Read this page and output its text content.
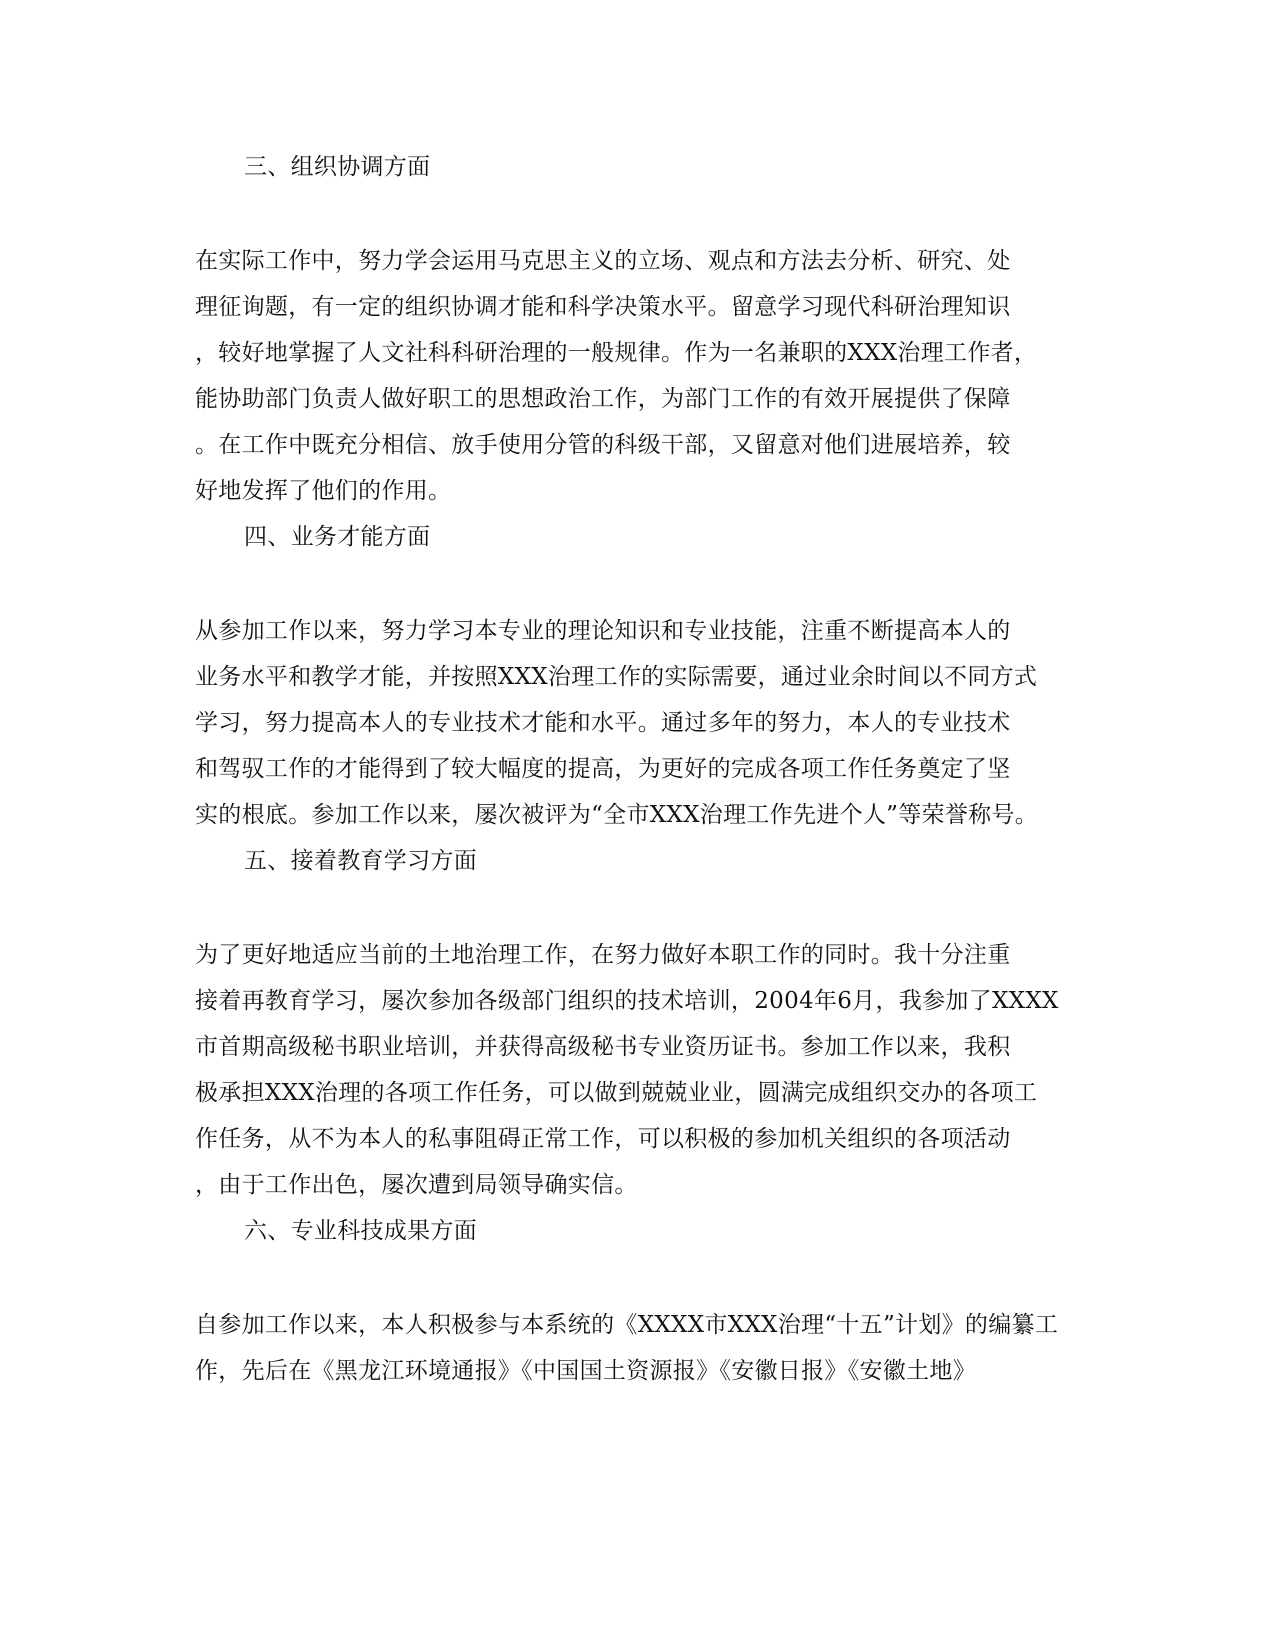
三、组织协调方面
在实际工作中，努力学会运用马克思主义的立场、观点和方法去分析、研究、处
理征询题，有一定的组织协调才能和科学决策水平。留意学习现代科研治理知识
，较好地掌握了人文社科科研治理的一般规律。作为一名兼职的XXX治理工作者，
能协助部门负责人做好职工的思想政治工作，为部门工作的有效开展提供了保障
。在工作中既充分相信、放手使用分管的科级干部，又留意对他们进展培养，较
好地发挥了他们的作用。
四、业务才能方面
从参加工作以来，努力学习本专业的理论知识和专业技能，注重不断提高本人的
业务水平和教学才能，并按照XXX治理工作的实际需要，通过业余时间以不同方式
学习，努力提高本人的专业技术才能和水平。通过多年的努力，本人的专业技术
和驾驭工作的才能得到了较大幅度的提高，为更好的完成各项工作任务奠定了坚
实的根底。参加工作以来，屡次被评为“全市XXX治理工作先进个人”等荣誉称号。
五、接着教育学习方面
为了更好地适应当前的土地治理工作，在努力做好本职工作的同时。我十分注重
接着再教育学习，屡次参加各级部门组织的技术培训，2004年6月，我参加了XXXX
市首期高级秘书职业培训，并获得高级秘书专业资历证书。参加工作以来，我积
极承担XXX治理的各项工作任务，可以做到兢兢业业，圆满完成组织交办的各项工
作任务，从不为本人的私事阻碍正常工作，可以积极的参加机关组织的各项活动
，由于工作出色，屡次遭到局领导确实信。
六、专业科技成果方面
自参加工作以来，本人积极参与本系统的《XXXX市XXX治理“十五”计划》的编纂工
作，先后在《黑龙江环境通报》《中国国土资源报》《安徽日报》《安徽土地》
